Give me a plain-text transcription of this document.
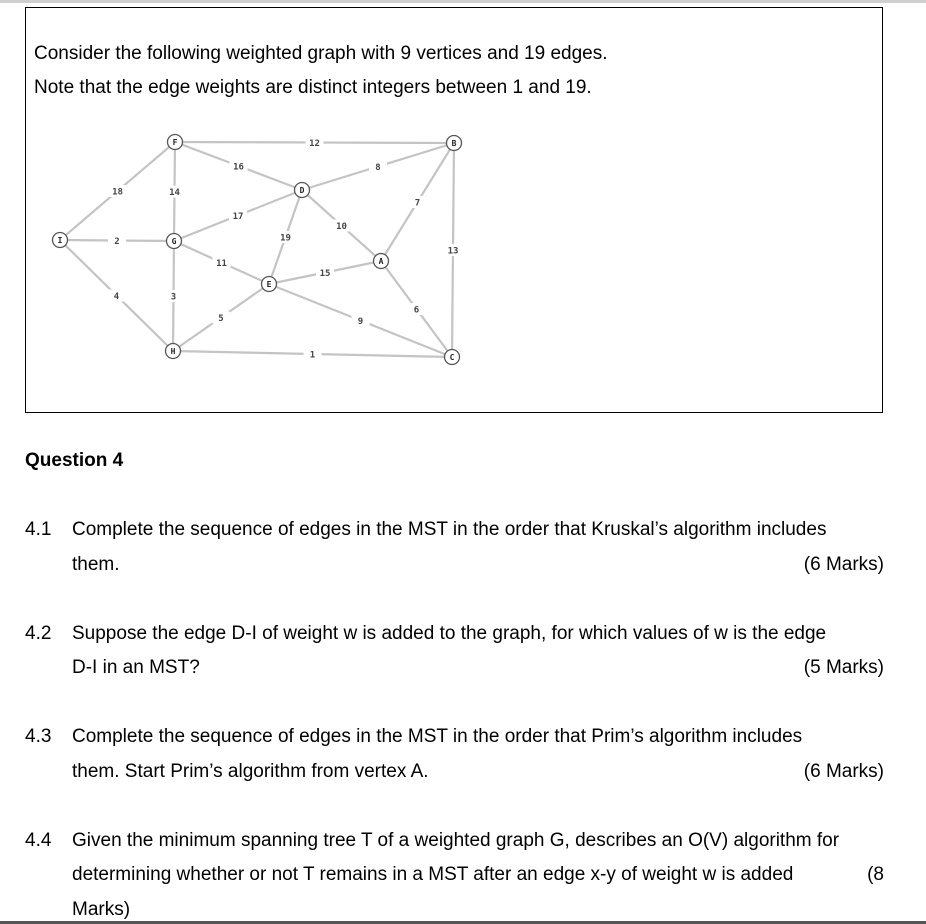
Consider the following weighted graph with 9 vertices and 19 edges.
Note that the edge weights are distinct integers between 1 and 19.
12
16	8
18	14
17
10
7
13
19
2
11
15
4	3
5	9
6
1
F	B
D
I	G
A
E
H
C
Question 4
4.1 Complete the sequence of edges in the MST in the order that Kruskal’s algorithm includes
them.	(6 Marks)
4.2 Suppose the edge D-I of weight w is added to the graph, for which values of w is the edge
D-I in an MST?	(5 Marks)
4.3 Complete the sequence of edges in the MST in the order that Prim’s algorithm includes
them. Start Prim’s algorithm from vertex A.	(6 Marks)
4.4 Given the minimum spanning tree T of a weighted graph G, describes an O(V) algorithm for
determining whether or not T remains in a MST after an edge x-y of weight w is added	(8
Marks)
